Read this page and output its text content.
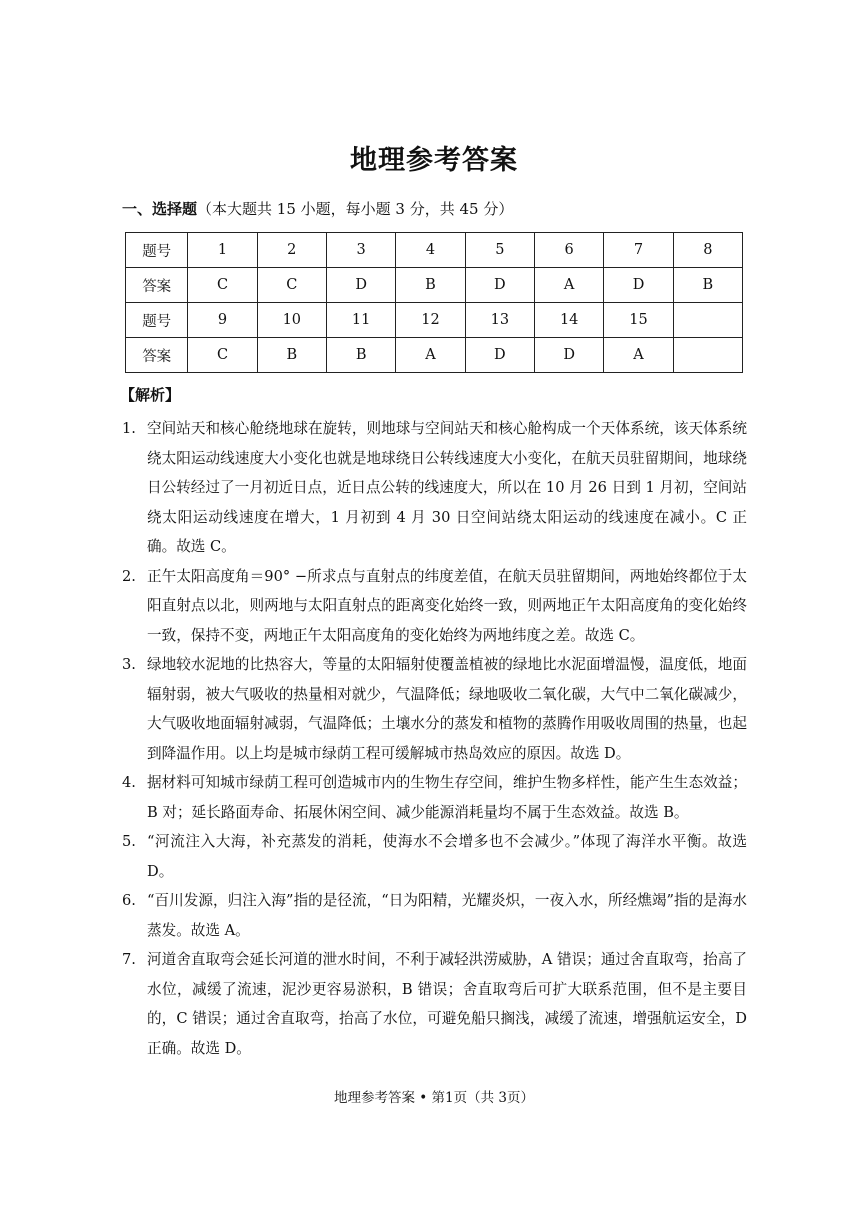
地理参考答案
一、选择题（本大题共 15 小题，每小题 3 分，共 45 分）
题号	1	2	3	4	5	6	7	8
答案	C	C	D	B	D	A	D	B
题号	9	10	11	12	13	14	15	
答案	C	B	B	A	D	D	A	
【解析】
1. 空间站天和核心舱绕地球在旋转，则地球与空间站天和核心舱构成一个天体系统，该天体系统绕太阳运动线速度大小变化也就是地球绕日公转线速度大小变化，在航天员驻留期间，地球绕日公转经过了一月初近日点，近日点公转的线速度大，所以在 10 月 26 日到 1 月初，空间站绕太阳运动线速度在增大，1 月初到 4 月 30 日空间站绕太阳运动的线速度在减小。C 正确。故选 C。
2. 正午太阳高度角＝90° −所求点与直射点的纬度差值，在航天员驻留期间，两地始终都位于太阳直射点以北，则两地与太阳直射点的距离变化始终一致，则两地正午太阳高度角的变化始终一致，保持不变，两地正午太阳高度角的变化始终为两地纬度之差。故选 C。
3. 绿地较水泥地的比热容大，等量的太阳辐射使覆盖植被的绿地比水泥面增温慢，温度低，地面辐射弱，被大气吸收的热量相对就少，气温降低；绿地吸收二氧化碳，大气中二氧化碳减少，大气吸收地面辐射减弱，气温降低；土壤水分的蒸发和植物的蒸腾作用吸收周围的热量，也起到降温作用。以上均是城市绿荫工程可缓解城市热岛效应的原因。故选 D。
4. 据材料可知城市绿荫工程可创造城市内的生物生存空间，维护生物多样性，能产生生态效益；B 对；延长路面寿命、拓展休闲空间、减少能源消耗量均不属于生态效益。故选 B。
5. “河流注入大海，补充蒸发的消耗，使海水不会增多也不会减少。”体现了海洋水平衡。故选 D。
6. “百川发源，归注入海”指的是径流，“日为阳精，光耀炎炽，一夜入水，所经燋竭”指的是海水蒸发。故选 A。
7. 河道舍直取弯会延长河道的泄水时间，不利于减轻洪涝威胁，A 错误；通过舍直取弯，抬高了水位，减缓了流速，泥沙更容易淤积，B 错误；舍直取弯后可扩大联系范围，但不是主要目的，C 错误；通过舍直取弯，抬高了水位，可避免船只搁浅，减缓了流速，增强航运安全，D 正确。故选 D。
地理参考答案 • 第1页（共 3页）
